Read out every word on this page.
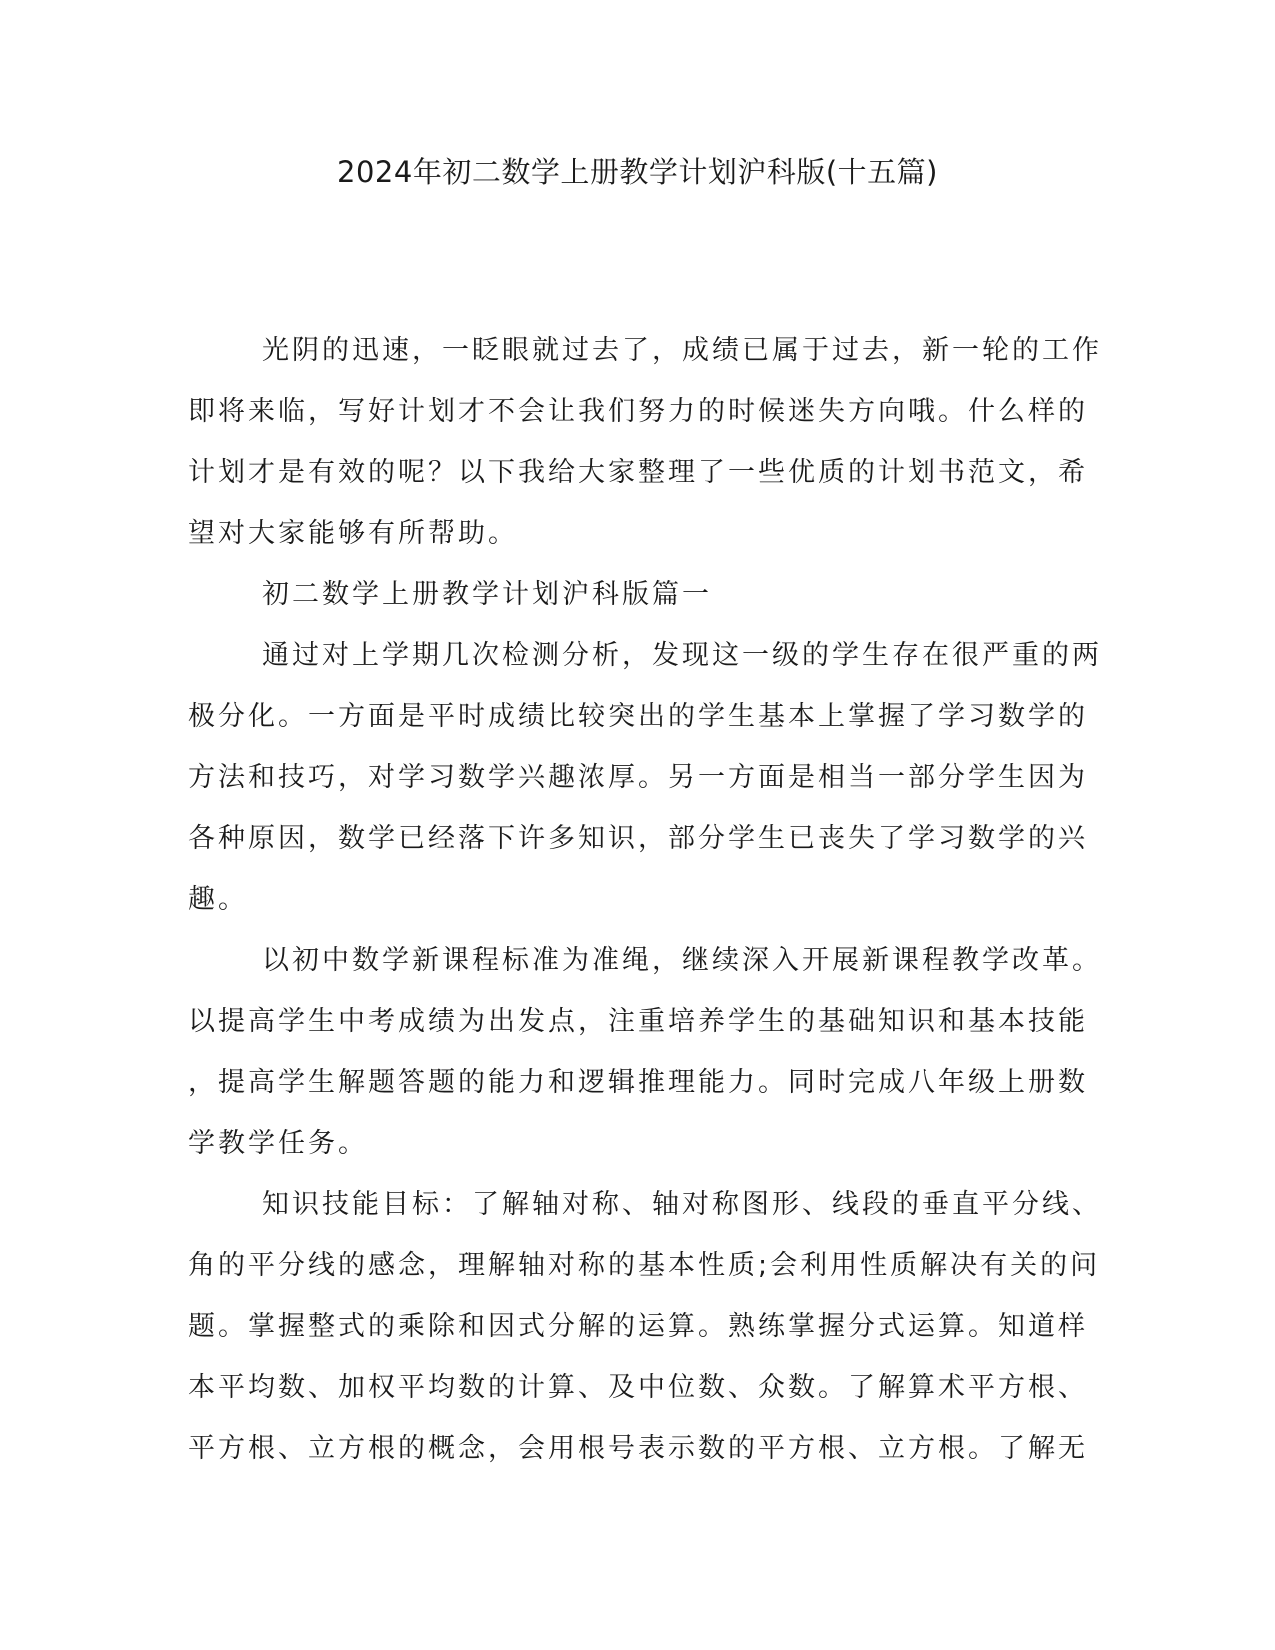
2024年初二数学上册教学计划沪科版(十五篇)
光阴的迅速，一眨眼就过去了，成绩已属于过去，新一轮的工作
即将来临，写好计划才不会让我们努力的时候迷失方向哦。什么样的
计划才是有效的呢？以下我给大家整理了一些优质的计划书范文，希
望对大家能够有所帮助。
初二数学上册教学计划沪科版篇一
通过对上学期几次检测分析，发现这一级的学生存在很严重的两
极分化。一方面是平时成绩比较突出的学生基本上掌握了学习数学的
方法和技巧，对学习数学兴趣浓厚。另一方面是相当一部分学生因为
各种原因，数学已经落下许多知识，部分学生已丧失了学习数学的兴
趣。
以初中数学新课程标准为准绳，继续深入开展新课程教学改革。
以提高学生中考成绩为出发点，注重培养学生的基础知识和基本技能
，提高学生解题答题的能力和逻辑推理能力。同时完成八年级上册数
学教学任务。
知识技能目标：了解轴对称、轴对称图形、线段的垂直平分线、
角的平分线的感念，理解轴对称的基本性质;会利用性质解决有关的问
题。掌握整式的乘除和因式分解的运算。熟练掌握分式运算。知道样
本平均数、加权平均数的计算、及中位数、众数。了解算术平方根、
平方根、立方根的概念，会用根号表示数的平方根、立方根。了解无
